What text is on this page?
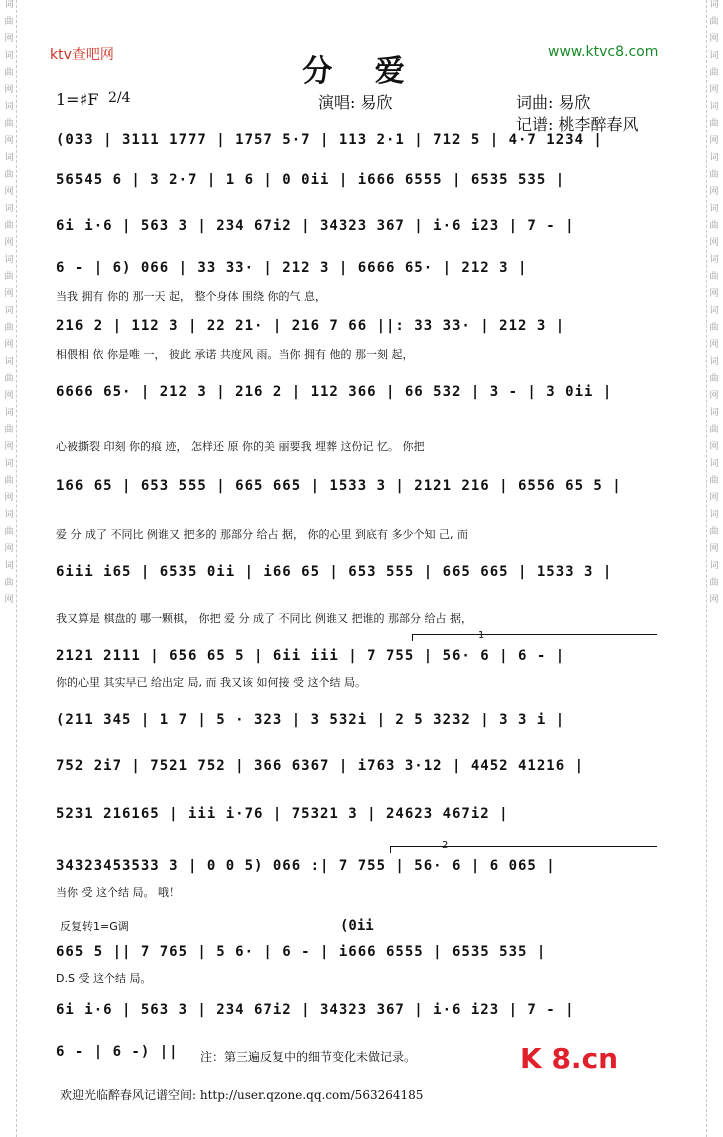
词
曲
网
词
曲
网
词
曲
网
词
曲
网
词
曲
网
词
曲
网
词
曲
网
词
曲
网
词
曲
网
词
曲
网
词
曲
网
词
曲
网
词
曲
网
词
曲
网
词
曲
网
词
曲
网
词
曲
网
词
曲
网
词
曲
网
词
曲
网
词
曲
网
词
曲
网
词
曲
网
词
曲
网
ktv查吧网	www.ktvc8.com
分 爱
1=♯F 2/4	演唱: 易欣	词曲: 易欣
记谱: 桃李醉春风
(033 | 3111 1777 | 1757 5·7 | 113 2·1 | 712 5 | 4·7 1234 |
56545 6 | 3 2·7 | 1 6 | 0 0ii | i666 6555 | 6535 535 |
6i i·6 | 563 3 | 234 67i2 | 34323 367 | i·6 i23 | 7 - |
6 - | 6) 066 | 33 33· | 212 3 | 6666 65· | 212 3 |
当我 拥有 你的 那一天 起， 整个身体 围绕 你的气 息，
216 2 | 112 3 | 22 21· | 216 7 66 ||: 33 33· | 212 3 |
相偎相 依 你是唯 一， 彼此 承诺 共度风 雨。当你 拥有 他的 那一刻 起，
6666 65· | 212 3 | 216 2 | 112 366 | 66 532 | 3 - | 3 0ii |
心被撕裂 印刻 你的痕 迹， 怎样还 原 你的美 丽要我 埋葬 这份记 忆。 你把
166 65 | 653 555 | 665 665 | 1533 3 | 2121 216 | 6556 65 5 |
爱 分 成了 不同比 例谁又 把多的 那部分 给占 据， 你的心里 到底有 多少个知 己, 而
6iii i65 | 6535 0ii | i66 65 | 653 555 | 665 665 | 1533 3 |
我又算是 棋盘的 哪一颗棋， 你把 爱 分 成了 不同比 例谁又 把谁的 那部分 给占 据，
1
2121 2111 | 656 65 5 | 6ii iii | 7 755 | 56· 6 | 6 - |
你的心里 其实早已 给出定 局, 而 我又该 如何接 受 这个结 局。
(211 345 | 1 7 | 5 · 323 | 3 532i | 2 5 3232 | 3 3 i |
752 2i7 | 7521 752 | 366 6367 | i763 3·12 | 4452 41216 |
5231 216165 | iii i·76 | 75321 3 | 24623 467i2 |
2
34323453533 3 | 0 0 5) 066 :| 7 755 | 56· 6 | 6 065 |
当你 受 这个结 局。 哦！
反复转1=G调	(0ii
665 5 || 7 765 | 5 6· | 6 - | i666 6555 | 6535 535 |
D.S 受 这个结 局。
6i i·6 | 563 3 | 234 67i2 | 34323 367 | i·6 i23 | 7 - |
6 - | 6 -) ||	注：第三遍反复中的细节变化未做记录。	K 8.cn
欢迎光临醉春风记谱空间: http://user.qzone.qq.com/563264185
